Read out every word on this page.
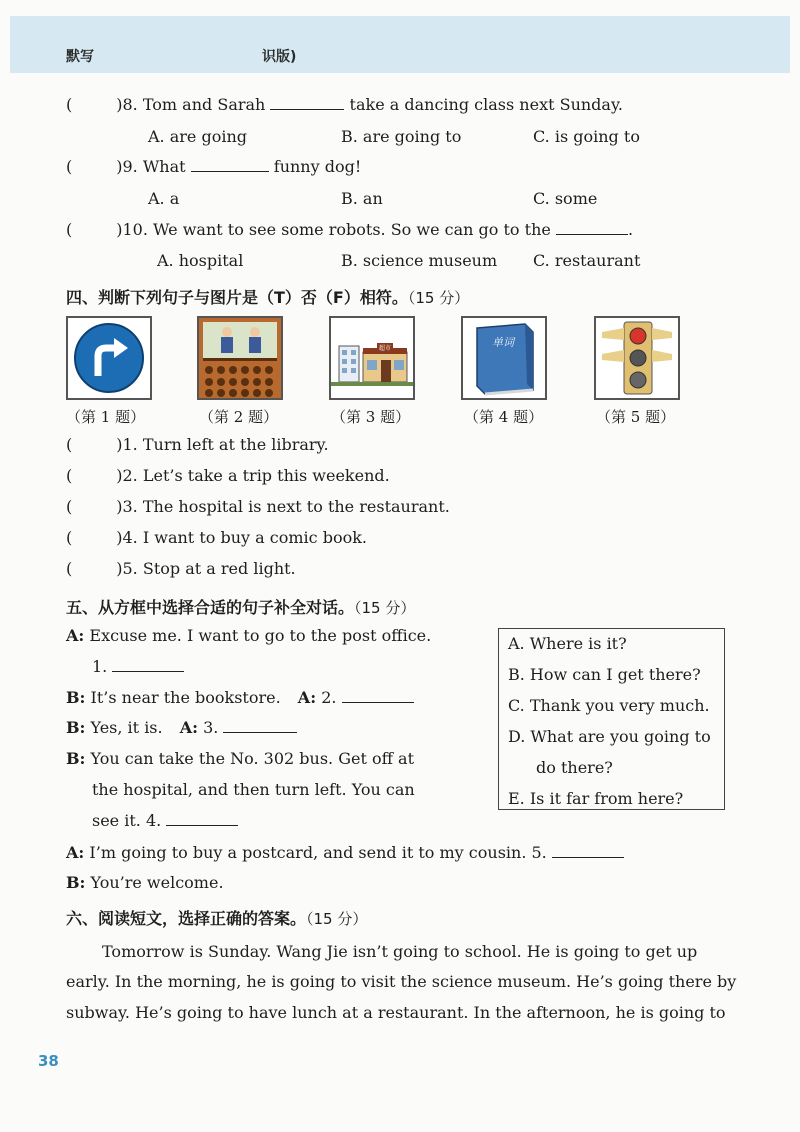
默写	识版)
(	)8. Tom and Sarah	take a dancing class next Sunday.
A. are going	B. are going to	C. is going to
(	)9. What	funny dog!
A. a	B. an	C. some
(	)10. We want to see some robots. So we can go to the	.
A. hospital	B. science museum C. restaurant
四、判断下列句子与图片是（T）否（F）相符。（15 分）
超市	单词
（第 1 题）	（第 2 题）	（第 3 题）	（第 4 题）	（第 5 题）
(	)1. Turn left at the library.
(	)2. Let’s take a trip this weekend.
(	)3. The hospital is next to the restaurant.
(	)4. I want to buy a comic book.
(	)5. Stop at a red light.
五、从方框中选择合适的句子补全对话。（15 分）
A: Excuse me. I want to go to the post office.
1.
B: It’s near the bookstore. A: 2.
B: Yes, it is. A: 3.
B: You can take the No. 302 bus. Get off at
the hospital, and then turn left. You can
see it. 4.
A: I’m going to buy a postcard, and send it to my cousin. 5.
B: You’re welcome.
A. Where is it?
B. How can I get there?
C. Thank you very much.
D. What are you going to
do there?
E. Is it far from here?
六、阅读短文，选择正确的答案。（15 分）
Tomorrow is Sunday. Wang Jie isn’t going to school. He is going to get up
early. In the morning, he is going to visit the science museum. He’s going there by
subway. He’s going to have lunch at a restaurant. In the afternoon, he is going to
38
